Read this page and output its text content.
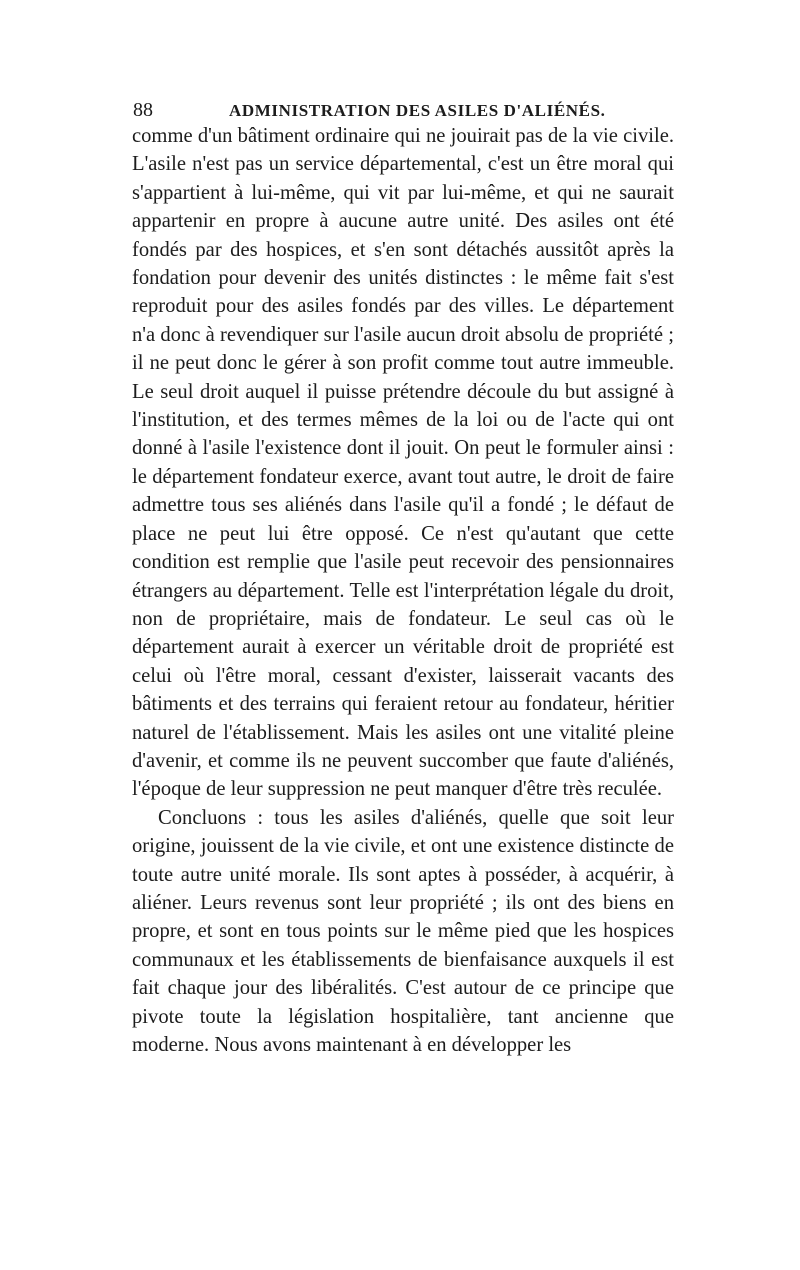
88	ADMINISTRATION DES ASILES D'ALIÉNÉS.

comme d'un bâtiment ordinaire qui ne jouirait pas de la vie civile. L'asile n'est pas un service départemental, c'est un être moral qui s'appartient à lui-même, qui vit par lui-même, et qui ne saurait appartenir en propre à aucune autre unité. Des asiles ont été fondés par des hospices, et s'en sont détachés aussitôt après la fondation pour devenir des unités distinctes : le même fait s'est reproduit pour des asiles fondés par des villes. Le département n'a donc à revendiquer sur l'asile aucun droit absolu de propriété ; il ne peut donc le gérer à son profit comme tout autre immeuble. Le seul droit auquel il puisse prétendre découle du but assigné à l'institution, et des termes mêmes de la loi ou de l'acte qui ont donné à l'asile l'existence dont il jouit. On peut le formuler ainsi : le département fondateur exerce, avant tout autre, le droit de faire admettre tous ses aliénés dans l'asile qu'il a fondé ; le défaut de place ne peut lui être opposé. Ce n'est qu'autant que cette condition est remplie que l'asile peut recevoir des pensionnaires étrangers au département. Telle est l'interprétation légale du droit, non de propriétaire, mais de fondateur. Le seul cas où le département aurait à exercer un véritable droit de propriété est celui où l'être moral, cessant d'exister, laisserait vacants des bâtiments et des terrains qui feraient retour au fondateur, héritier naturel de l'établissement. Mais les asiles ont une vitalité pleine d'avenir, et comme ils ne peuvent succomber que faute d'aliénés, l'époque de leur suppression ne peut manquer d'être très reculée.

Concluons : tous les asiles d'aliénés, quelle que soit leur origine, jouissent de la vie civile, et ont une existence distincte de toute autre unité morale. Ils sont aptes à posséder, à acquérir, à aliéner. Leurs revenus sont leur propriété ; ils ont des biens en propre, et sont en tous points sur le même pied que les hospices communaux et les établissements de bienfaisance auxquels il est fait chaque jour des libéralités. C'est autour de ce principe que pivote toute la législation hospitalière, tant ancienne que moderne. Nous avons maintenant à en développer les
